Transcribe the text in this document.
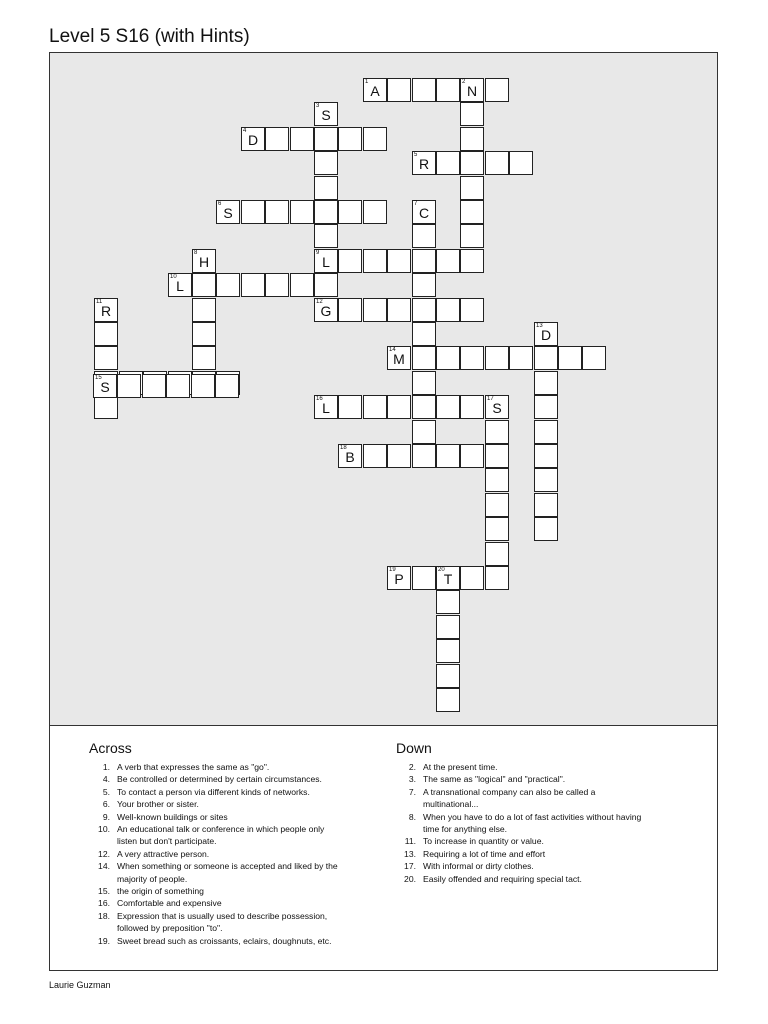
Level 5 S16 (with Hints)
1
A
2
N
3
S
4
D
5
R
6
S
7
C
9
L
8
H
10
L
11
R
12
G
13
D
14
M
16
L
17
S
18
B
19
P
20
T
15
S
Across
1. A verb that expresses the same as "go".
4. Be controlled or determined by certain circumstances.
5. To contact a person via different kinds of networks.
6. Your brother or sister.
9. Well-known buildings or sites
10. An educational talk or conference in which people only
listen but don't participate.
12. A very attractive person.
14. When something or someone is accepted and liked by the
majority of people.
15. the origin of something
16. Comfortable and expensive
18. Expression that is usually used to describe possession,
followed by preposition "to".
19. Sweet bread such as croissants, eclairs, doughnuts, etc.
Down
2. At the present time.
3. The same as "logical" and "practical".
7. A transnational company can also be called a
multinational...
8. When you have to do a lot of fast activities without having
time for anything else.
11. To increase in quantity or value.
13. Requiring a lot of time and effort
17. With informal or dirty clothes.
20. Easily offended and requiring special tact.
Laurie Guzman
